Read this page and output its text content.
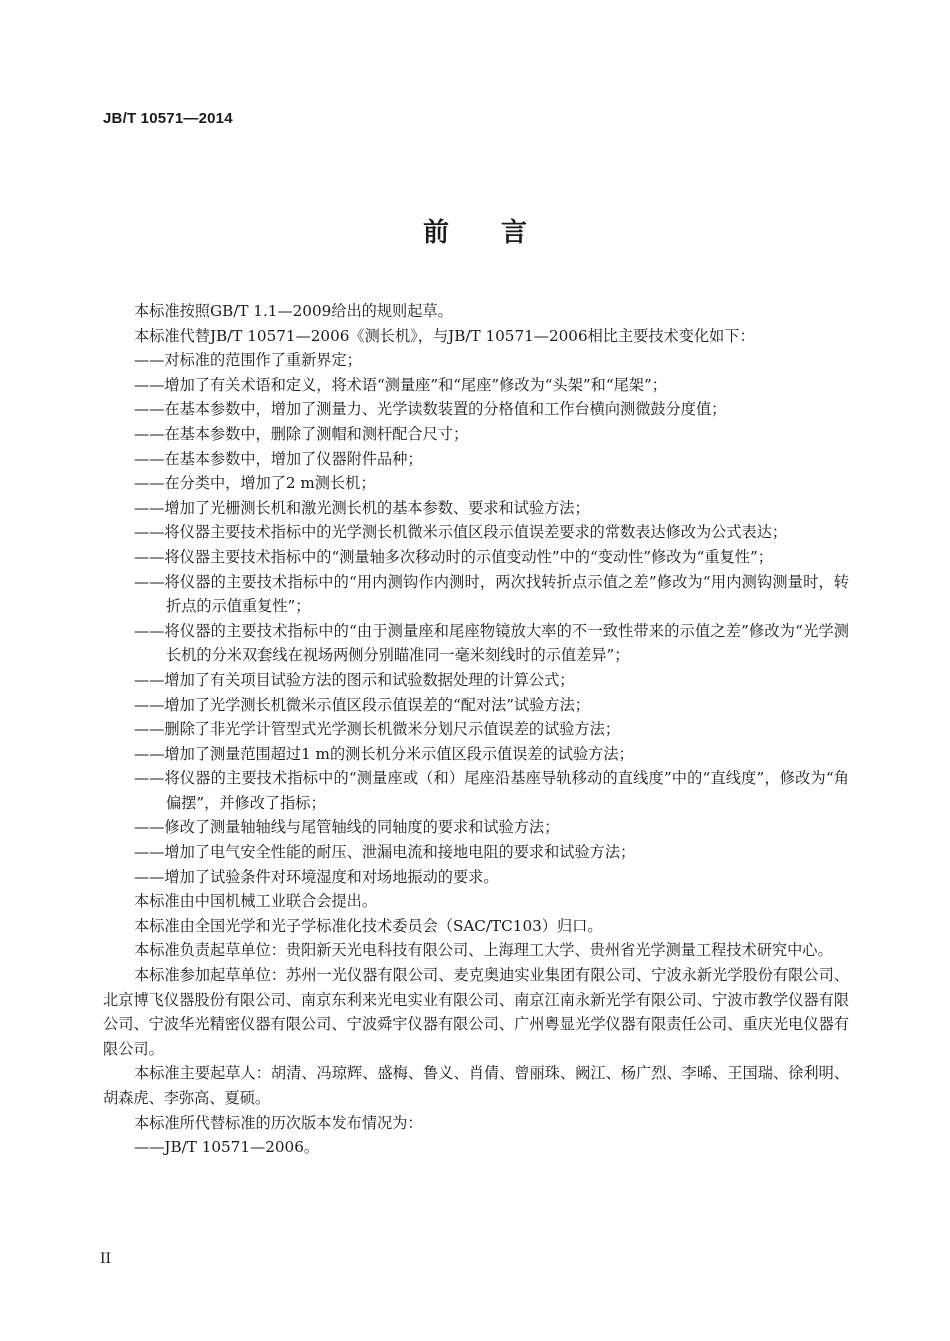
JB/T 10571—2014
前言

本标准按照GB/T 1.1—2009给出的规则起草。

本标准代替JB/T 10571—2006《测长机》，与JB/T 10571—2006相比主要技术变化如下：

——对标准的范围作了重新界定；

——增加了有关术语和定义，将术语“测量座”和“尾座”修改为“头架”和“尾架”；

——在基本参数中，增加了测量力、光学读数装置的分格值和工作台横向测微鼓分度值；

——在基本参数中，删除了测帽和测杆配合尺寸；

——在基本参数中，增加了仪器附件品种；

——在分类中，增加了2 m测长机；

——增加了光栅测长机和激光测长机的基本参数、要求和试验方法；

——将仪器主要技术指标中的光学测长机微米示值区段示值误差要求的常数表达修改为公式表达；

——将仪器主要技术指标中的“测量轴多次移动时的示值变动性”中的“变动性”修改为“重复性”；

——将仪器的主要技术指标中的“用内测钩作内测时，两次找转折点示值之差”修改为“用内测钩测量时，转折点的示值重复性”；

——将仪器的主要技术指标中的“由于测量座和尾座物镜放大率的不一致性带来的示值之差”修改为“光学测长机的分米双套线在视场两侧分别瞄准同一毫米刻线时的示值差异”；

——增加了有关项目试验方法的图示和试验数据处理的计算公式；

——增加了光学测长机微米示值区段示值误差的“配对法”试验方法；

——删除了非光学计管型式光学测长机微米分划尺示值误差的试验方法；

——增加了测量范围超过1 m的测长机分米示值区段示值误差的试验方法；

——将仪器的主要技术指标中的“测量座或（和）尾座沿基座导轨移动的直线度”中的“直线度”，修改为“角偏摆”，并修改了指标；

——修改了测量轴轴线与尾管轴线的同轴度的要求和试验方法；

——增加了电气安全性能的耐压、泄漏电流和接地电阻的要求和试验方法；

——增加了试验条件对环境湿度和对场地振动的要求。

本标准由中国机械工业联合会提出。

本标准由全国光学和光子学标准化技术委员会（SAC/TC103）归口。

本标准负责起草单位：贵阳新天光电科技有限公司、上海理工大学、贵州省光学测量工程技术研究中心。

本标准参加起草单位：苏州一光仪器有限公司、麦克奥迪实业集团有限公司、宁波永新光学股份有限公司、北京博飞仪器股份有限公司、南京东利来光电实业有限公司、南京江南永新光学有限公司、宁波市教学仪器有限公司、宁波华光精密仪器有限公司、宁波舜宇仪器有限公司、广州粤显光学仪器有限责任公司、重庆光电仪器有限公司。

本标准主要起草人：胡清、冯琼辉、盛梅、鲁义、肖倩、曾丽珠、阙江、杨广烈、李晞、王国瑞、徐利明、胡森虎、李弥高、夏硕。

本标准所代替标准的历次版本发布情况为：

——JB/T 10571—2006。

II
